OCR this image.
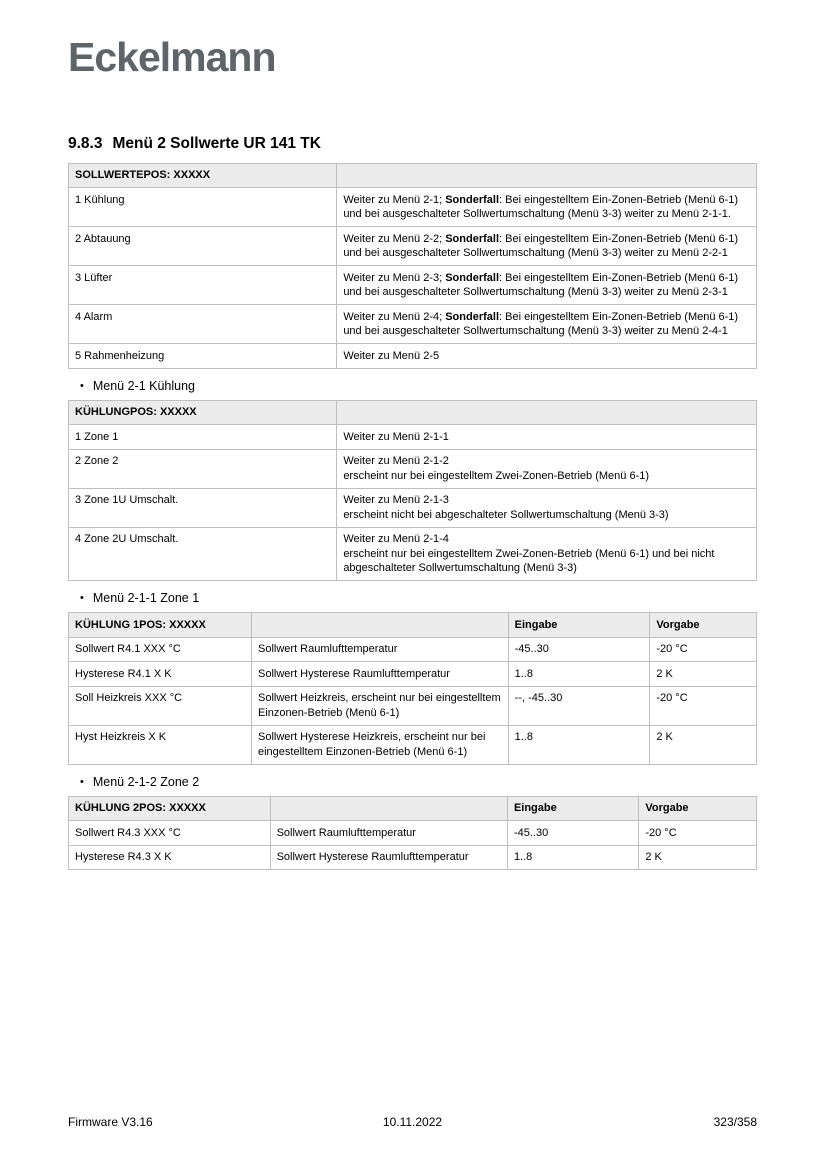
Eckelmann
9.8.3 Menü 2 Sollwerte UR 141 TK
SOLLWERTEPOS: XXXXX	
1 Kühlung	Weiter zu Menü 2-1; Sonderfall: Bei eingestelltem Ein-Zonen-Betrieb (Menü 6-1) und bei ausgeschalteter Sollwertumschaltung (Menü 3-3) weiter zu Menü 2-1-1.
2 Abtauung	Weiter zu Menü 2-2; Sonderfall: Bei eingestelltem Ein-Zonen-Betrieb (Menü 6-1) und bei ausgeschalteter Sollwertumschaltung (Menü 3-3) weiter zu Menü 2-2-1
3 Lüfter	Weiter zu Menü 2-3; Sonderfall: Bei eingestelltem Ein-Zonen-Betrieb (Menü 6-1) und bei ausgeschalteter Sollwertumschaltung (Menü 3-3) weiter zu Menü 2-3-1
4 Alarm	Weiter zu Menü 2-4; Sonderfall: Bei eingestelltem Ein-Zonen-Betrieb (Menü 6-1) und bei ausgeschalteter Sollwertumschaltung (Menü 3-3) weiter zu Menü 2-4-1
5 Rahmenheizung	Weiter zu Menü 2-5
• Menü 2-1 Kühlung
KÜHLUNGPOS: XXXXX	
1 Zone 1	Weiter zu Menü 2-1-1

2 Zone 2	Weiter zu Menü 2-1-2
erscheint nur bei eingestelltem Zwei-Zonen-Betrieb (Menü 6-1)

3 Zone 1U Umschalt.	Weiter zu Menü 2-1-3
erscheint nicht bei abgeschalteter Sollwertumschaltung (Menü 3-3)

4 Zone 2U Umschalt.	Weiter zu Menü 2-1-4
erscheint nur bei eingestelltem Zwei-Zonen-Betrieb (Menü 6-1) und bei nicht abgeschalteter Sollwertumschaltung (Menü 3-3)
• Menü 2-1-1 Zone 1
KÜHLUNG 1POS: XXXXX		Eingabe	Vorgabe
Sollwert R4.1 XXX °C	Sollwert Raumlufttemperatur	-45..30	-20 °C
Hysterese R4.1 X K	Sollwert Hysterese Raumlufttemperatur	1..8	2 K
Soll Heizkreis XXX °C	Sollwert Heizkreis, erscheint nur bei eingestelltem Einzonen-Betrieb (Menü 6-1)	--, -45..30	-20 °C
Hyst Heizkreis X K	Sollwert Hysterese Heizkreis, erscheint nur bei eingestelltem Einzonen-Betrieb (Menü 6-1)	1..8	2 K
• Menü 2-1-2 Zone 2
KÜHLUNG 2POS: XXXXX		Eingabe	Vorgabe
Sollwert R4.3 XXX °C	Sollwert Raumlufttemperatur	-45..30	-20 °C
Hysterese R4.3 X K	Sollwert Hysterese Raumlufttemperatur	1..8	2 K
Firmware V3.16	10.11.2022	323/358
